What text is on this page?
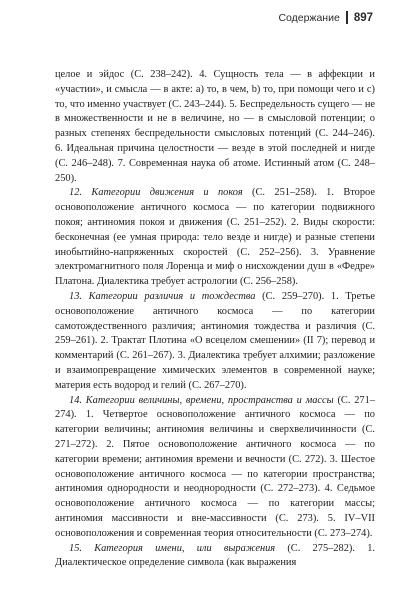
Содержание 897

целое и эйдос (С. 238–242). 4. Сущность тела — в аффекции и «участии», и смысла — в акте: а) то, в чем, b) то, при помощи чего и c) то, что именно участвует (С. 243–244). 5. Беспредельность сущего — не в множественности и не в величине, но — в смысловой потенции; о разных степенях беспредельности смысловых потенций (С. 244–246). 6. Идеальная причина целостности — везде в этой последней и нигде (С. 246–248). 7. Современная наука об атоме. Истинный атом (С. 248–250).

12. Категории движения и покоя (С. 251–258). 1. Второе основоположение античного космоса — по категории подвижного покоя; антиномия покоя и движения (С. 251–252). 2. Виды скорости: бесконечная (ее умная природа: тело везде и нигде) и разные степени инобытийно-напряженных скоростей (С. 252–256). 3. Уравнение электромагнитного поля Лоренца и миф о нисхождении душ в «Федре» Платона. Диалектика требует астрологии (С. 256–258).

13. Категории различия и тождества (С. 259–270). 1. Третье основоположение античного космоса — по категории самотождественного различия; антиномия тождества и различия (С. 259–261). 2. Трактат Плотина «О всецелом смешении» (II 7); перевод и комментарий (С. 261–267). 3. Диалектика требует алхимии; разложение и взаимопревращение химических элементов в современной науке; материя есть водород и гелий (С. 267–270).

14. Категории величины, времени, пространства и массы (С. 271–274). 1. Четвертое основоположение античного космоса — по категории величины; антиномия величины и сверхвеличинности (С. 271–272). 2. Пятое основоположение античного космоса — по категории времени; антиномия времени и вечности (С. 272). 3. Шестое основоположение античного космоса — по категории пространства; антиномия однородности и неоднородности (С. 272–273). 4. Седьмое основоположение античного космоса — по категории массы; антиномия массивности и вне-массивности (С. 273). 5. IV–VII основоположения и современная теория относительности (С. 273–274).

15. Категория имени, или выражения (С. 275–282). 1. Диалектическое определение символа (как выражения
